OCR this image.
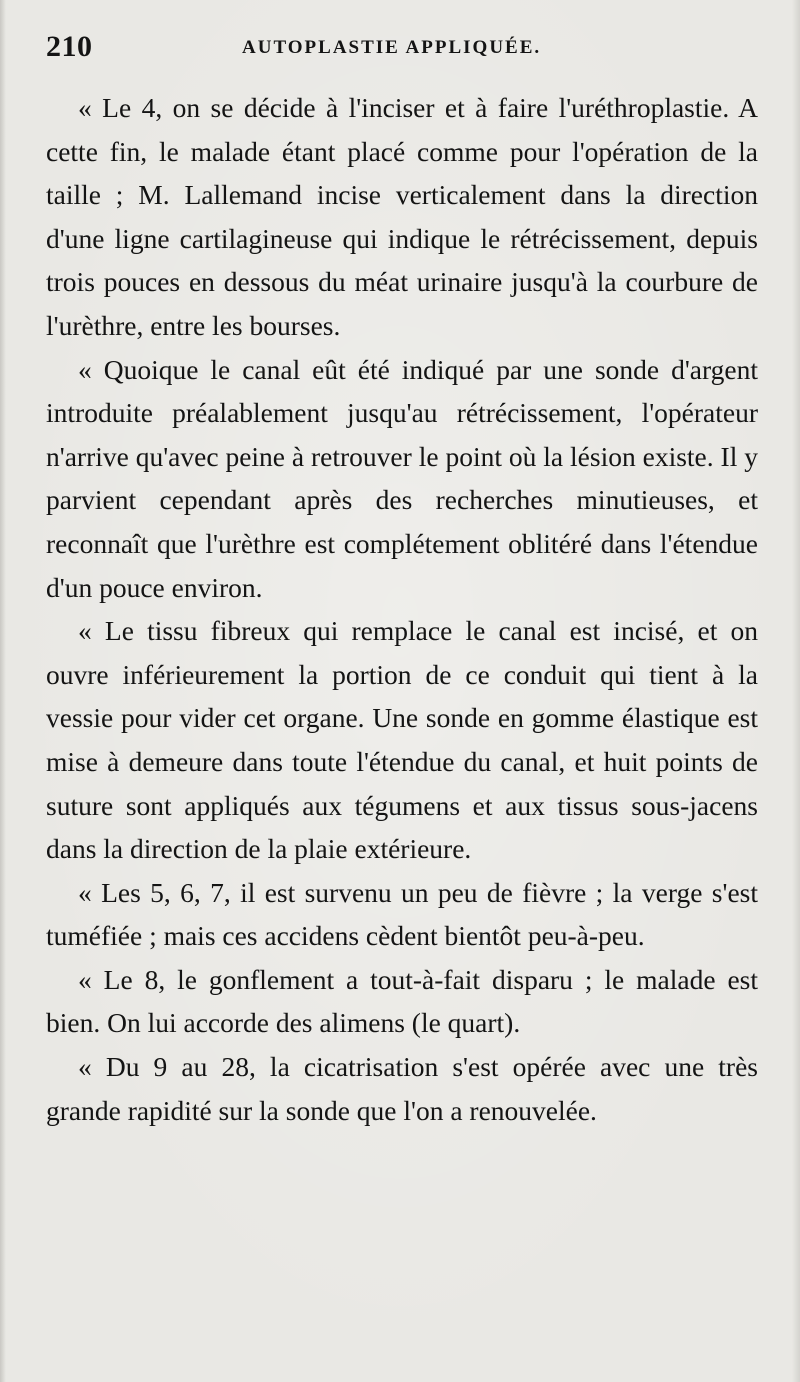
210	AUTOPLASTIE APPLIQUÉE.

« Le 4, on se décide à l'inciser et à faire l'uréthroplastie. A cette fin, le malade étant placé comme pour l'opération de la taille ; M. Lallemand incise verticalement dans la direction d'une ligne cartilagineuse qui indique le rétrécissement, depuis trois pouces en dessous du méat urinaire jusqu'à la courbure de l'urèthre, entre les bourses.

« Quoique le canal eût été indiqué par une sonde d'argent introduite préalablement jusqu'au rétrécissement, l'opérateur n'arrive qu'avec peine à retrouver le point où la lésion existe. Il y parvient cependant après des recherches minutieuses, et reconnaît que l'urèthre est complétement oblitéré dans l'étendue d'un pouce environ.

« Le tissu fibreux qui remplace le canal est incisé, et on ouvre inférieurement la portion de ce conduit qui tient à la vessie pour vider cet organe. Une sonde en gomme élastique est mise à demeure dans toute l'étendue du canal, et huit points de suture sont appliqués aux tégumens et aux tissus sous-jacens dans la direction de la plaie extérieure.

« Les 5, 6, 7, il est survenu un peu de fièvre ; la verge s'est tuméfiée ; mais ces accidens cèdent bientôt peu-à-peu.

« Le 8, le gonflement a tout-à-fait disparu ; le malade est bien. On lui accorde des alimens (le quart).

« Du 9 au 28, la cicatrisation s'est opérée avec une très grande rapidité sur la sonde que l'on a renouvelée.
